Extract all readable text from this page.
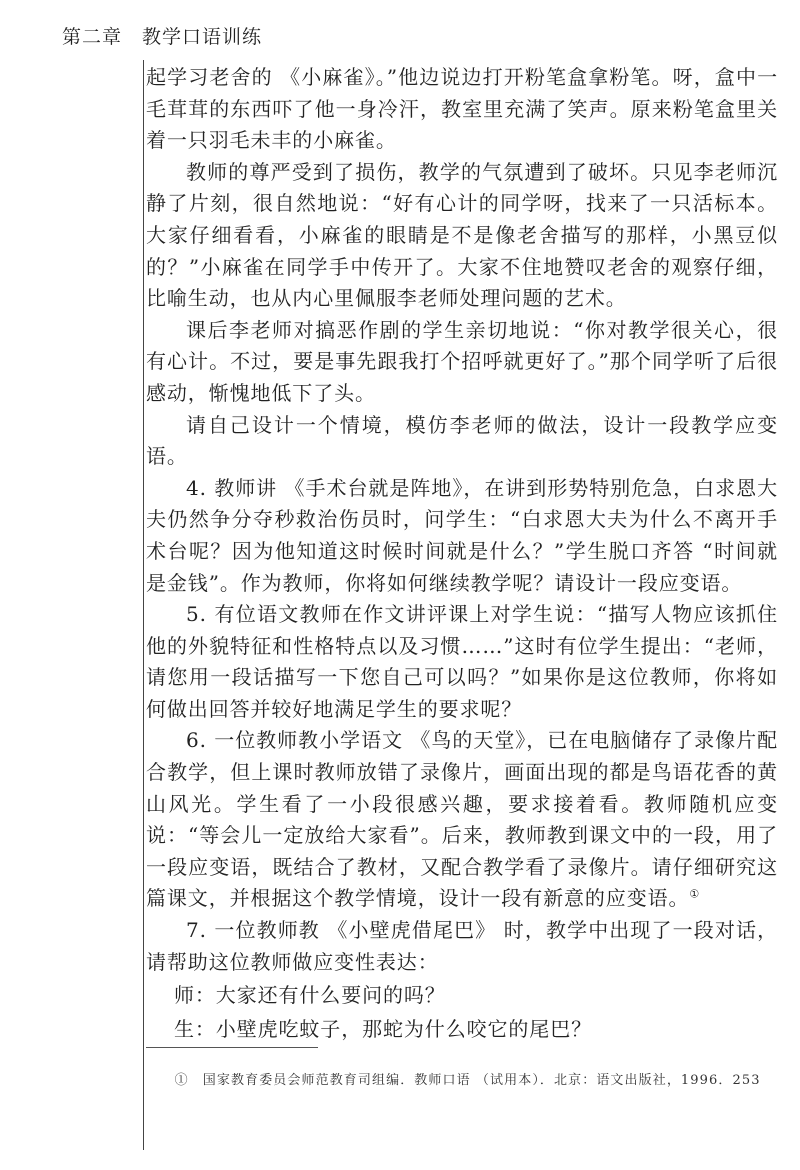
第二章　教学口语训练

起学习老舍的 《小麻雀》。”他边说边打开粉笔盒拿粉笔。呀，盒中一毛茸茸的东西吓了他一身冷汗，教室里充满了笑声。原来粉笔盒里关着一只羽毛未丰的小麻雀。

教师的尊严受到了损伤，教学的气氛遭到了破坏。只见李老师沉静了片刻，很自然地说：“好有心计的同学呀，找来了一只活标本。大家仔细看看，小麻雀的眼睛是不是像老舍描写的那样，小黑豆似的？”小麻雀在同学手中传开了。大家不住地赞叹老舍的观察仔细，比喻生动，也从内心里佩服李老师处理问题的艺术。

课后李老师对搞恶作剧的学生亲切地说：“你对教学很关心，很有心计。不过，要是事先跟我打个招呼就更好了。”那个同学听了后很感动，惭愧地低下了头。

请自己设计一个情境，模仿李老师的做法，设计一段教学应变语。

4. 教师讲 《手术台就是阵地》，在讲到形势特别危急，白求恩大夫仍然争分夺秒救治伤员时，问学生：“白求恩大夫为什么不离开手术台呢？因为他知道这时候时间就是什么？”学生脱口齐答 “时间就是金钱”。作为教师，你将如何继续教学呢？请设计一段应变语。

5. 有位语文教师在作文讲评课上对学生说：“描写人物应该抓住他的外貌特征和性格特点以及习惯……”这时有位学生提出：“老师，请您用一段话描写一下您自己可以吗？”如果你是这位教师，你将如何做出回答并较好地满足学生的要求呢？

6. 一位教师教小学语文 《鸟的天堂》，已在电脑储存了录像片配合教学，但上课时教师放错了录像片，画面出现的都是鸟语花香的黄山风光。学生看了一小段很感兴趣，要求接着看。教师随机应变说：“等会儿一定放给大家看”。后来，教师教到课文中的一段，用了一段应变语，既结合了教材，又配合教学看了录像片。请仔细研究这篇课文，并根据这个教学情境，设计一段有新意的应变语。①

7. 一位教师教 《小壁虎借尾巴》 时，教学中出现了一段对话，请帮助这位教师做应变性表达：

师：大家还有什么要问的吗？

生：小壁虎吃蚊子，那蛇为什么咬它的尾巴？

①　国家教育委员会师范教育司组编．教师口语 （试用本）．北京：语文出版社，1996．253
